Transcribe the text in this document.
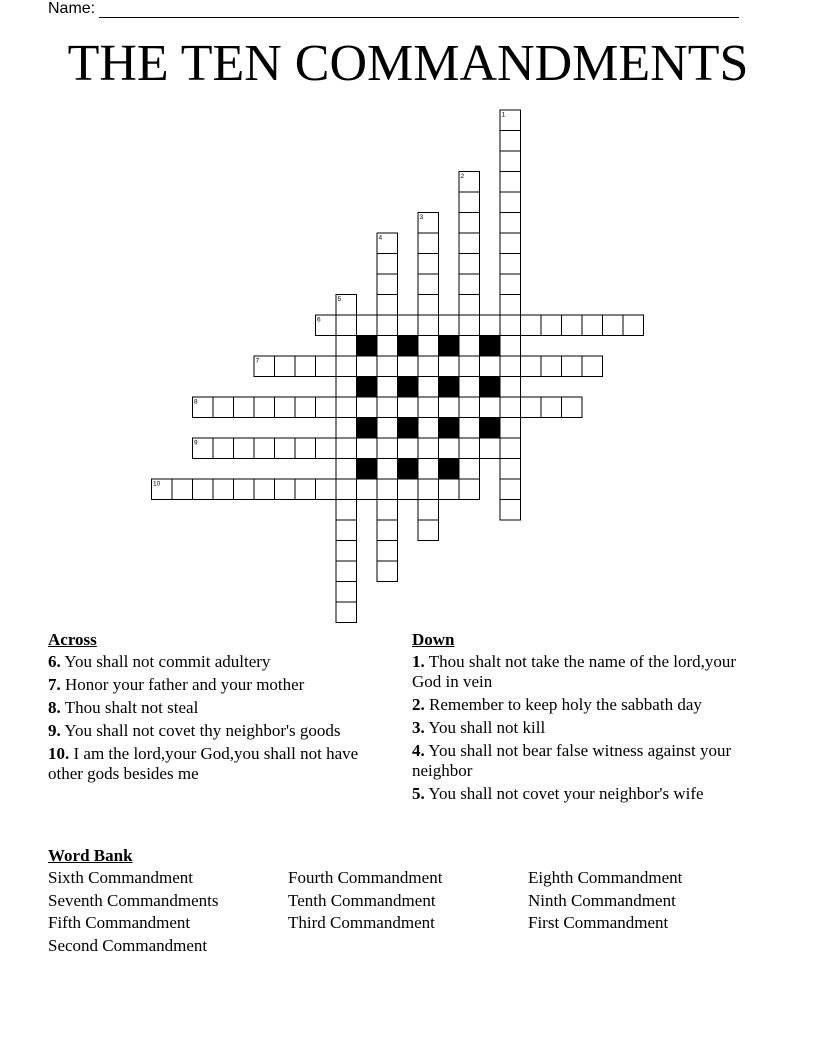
Name:
THE TEN COMMANDMENTS
1
2
3
4
5
6
7
8
9
10
Across
6. You shall not commit adultery
7. Honor your father and your mother
8. Thou shalt not steal
9. You shall not covet thy neighbor's goods
10. I am the lord,your God,you shall not have other gods besides me
Down
1. Thou shalt not take the name of the lord,your God in vein
2. Remember to keep holy the sabbath day
3. You shall not kill
4. You shall not bear false witness against your neighbor
5. You shall not covet your neighbor's wife
Word Bank
Sixth Commandment	Fourth Commandment	Eighth Commandment
Seventh Commandments	Tenth Commandment	Ninth Commandment
Fifth Commandment	Third Commandment	First Commandment
Second Commandment
